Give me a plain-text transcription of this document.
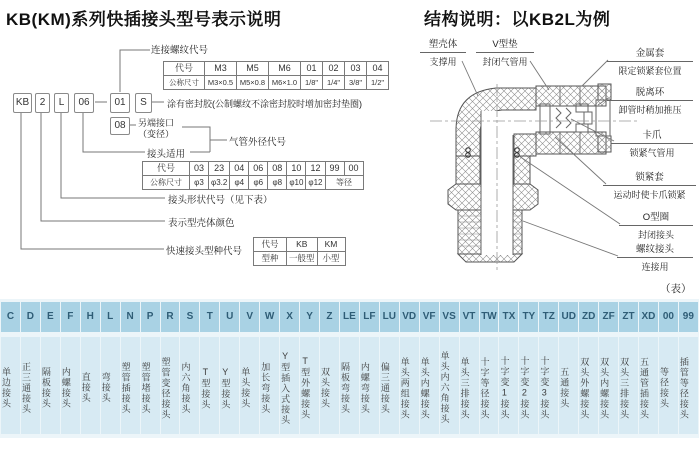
KB(KM)系列快插接头型号表示说明	结构说明：以KB2L为例
连接螺纹代号
涂有密封胶(公制螺纹不涂密封胶时增加密封垫圈)
另端接口
（变径）
气管外径代号
接头适用
接头形状代号（见下表）
表示型壳体颜色
快速接头型种代号
KB	2	L	06	01	S
08
代号	M3	M5	M6	01	02	03	04
公称尺寸	M3×0.5	M5×0.8	M6×1.0	1/8"	1/4"	3/8"	1/2"
代号	03	23	04	06	08	10	12	99	00
公称尺寸	φ3	φ3.2	φ4	φ6	φ8	φ10	φ12	等径	
代号	KB	KM
型种	一般型	小型
（表）
C	D	E	F	H	L	N	P	R	S	T	U	V	W	X	Y	Z	LE LF LU VD VF VS VT TW TX TY TZ UD ZD ZF ZT XD 00 99
单边接头	正三通接头	隔板接头	内螺接头	直接头	弯接头	塑管插接头	塑管堵接头	塑管变径接头	内六角接头	T型接头	Y型接头	单头接头	加长弯接头	Y型插入式接头	T型外螺接头	双头接头	隔板弯接头	内螺弯接头	偏三通接头	单头两组接头	单头内螺接头	单头内六角接头	单头三排接头	十字等径接头	十字变1接头	十字变2接头	十字变3接头	五通接头	双头外螺接头	双头内螺接头	双头三排接头	五通管插接头	等径接头	插管等径接头
塑壳体
支撑用
V型垫
封闭气管用
金属套
限定锁紧套位置
脱离环
卸管时稍加推压
卡爪
锁紧气管用
锁紧套
运动时使卡爪锁紧
O型圈
封闭接头
螺纹接头
连接用
